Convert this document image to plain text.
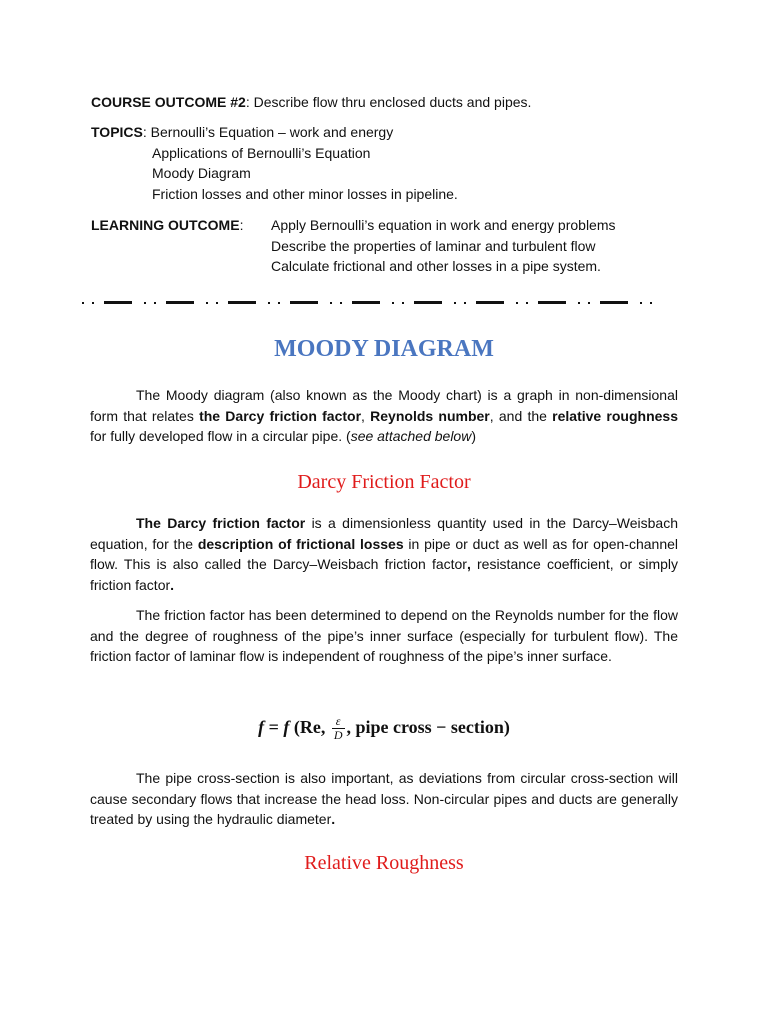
COURSE OUTCOME #2: Describe flow thru enclosed ducts and pipes.
TOPICS: Bernoulli’s Equation – work and energy
Applications of Bernoulli’s Equation
Moody Diagram
Friction losses and other minor losses in pipeline.
LEARNING OUTCOME: Apply Bernoulli’s equation in work and energy problems
Describe the properties of laminar and turbulent flow
Calculate frictional and other losses in a pipe system.
MOODY DIAGRAM
The Moody diagram (also known as the Moody chart) is a graph in non-dimensional form that relates the Darcy friction factor, Reynolds number, and the relative roughness for fully developed flow in a circular pipe. (see attached below)
Darcy Friction Factor
The Darcy friction factor is a dimensionless quantity used in the Darcy–Weisbach equation, for the description of frictional losses in pipe or duct as well as for open-channel flow. This is also called the Darcy–Weisbach friction factor, resistance coefficient, or simply friction factor.
The friction factor has been determined to depend on the Reynolds number for the flow and the degree of roughness of the pipe’s inner surface (especially for turbulent flow). The friction factor of laminar flow is independent of roughness of the pipe’s inner surface.
f = f (Re, $\frac{\varepsilon}{D}$ , pipe cross − section)
The pipe cross-section is also important, as deviations from circular cross-section will cause secondary flows that increase the head loss. Non-circular pipes and ducts are generally treated by using the hydraulic diameter.
Relative Roughness
